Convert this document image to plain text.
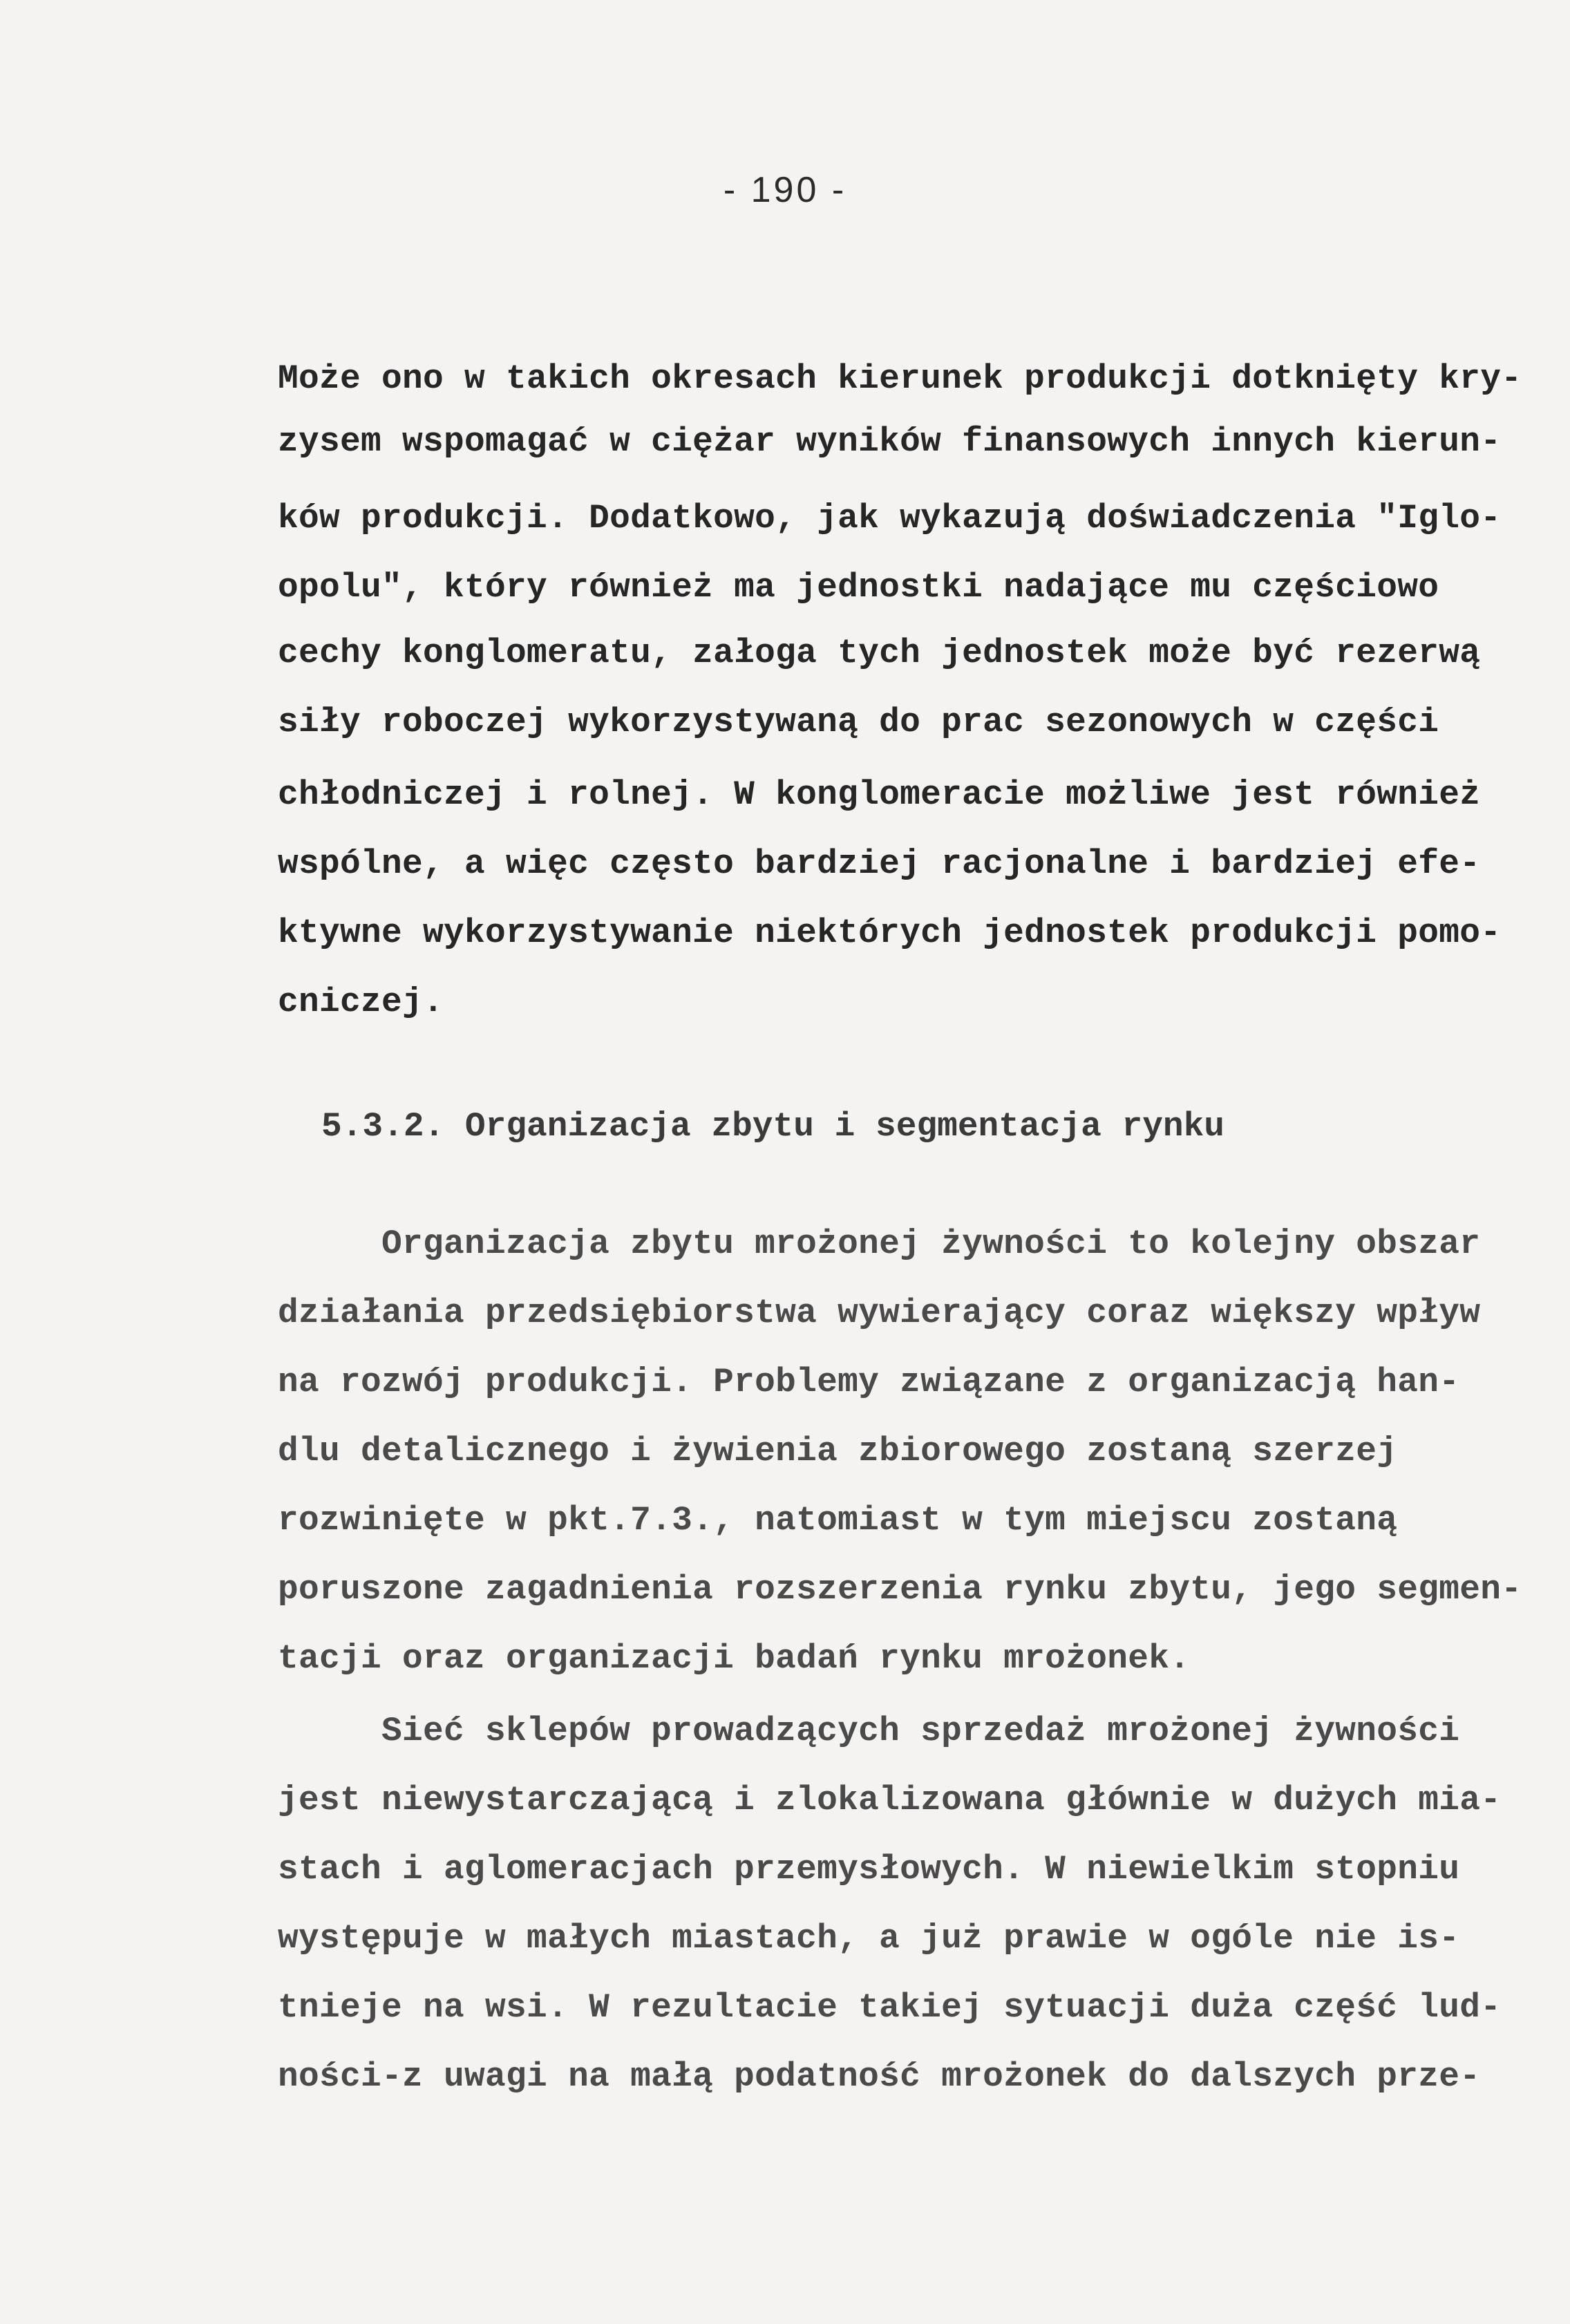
- 190 -
Może ono w takich okresach kierunek produkcji dotknięty kry-
zysem wspomagać w ciężar wyników finansowych innych kierun-
ków produkcji. Dodatkowo, jak wykazują doświadczenia "Iglo-
opolu", który również ma jednostki nadające mu częściowo
cechy konglomeratu, załoga tych jednostek może być rezerwą
siły roboczej wykorzystywaną do prac sezonowych w części
chłodniczej i rolnej. W konglomeracie możliwe jest również
wspólne, a więc często bardziej racjonalne i bardziej efe-
ktywne wykorzystywanie niektórych jednostek produkcji pomo-
cniczej.
5.3.2. Organizacja zbytu i segmentacja rynku
Organizacja zbytu mrożonej żywności to kolejny obszar
działania przedsiębiorstwa wywierający coraz większy wpływ
na rozwój produkcji. Problemy związane z organizacją han-
dlu detalicznego i żywienia zbiorowego zostaną szerzej
rozwinięte w pkt.7.3., natomiast w tym miejscu zostaną
poruszone zagadnienia rozszerzenia rynku zbytu, jego segmen-
tacji oraz organizacji badań rynku mrożonek.
Sieć sklepów prowadzących sprzedaż mrożonej żywności
jest niewystarczającą i zlokalizowana głównie w dużych mia-
stach i aglomeracjach przemysłowych. W niewielkim stopniu
występuje w małych miastach, a już prawie w ogóle nie is-
tnieje na wsi. W rezultacie takiej sytuacji duża część lud-
ności-z uwagi na małą podatność mrożonek do dalszych prze-
